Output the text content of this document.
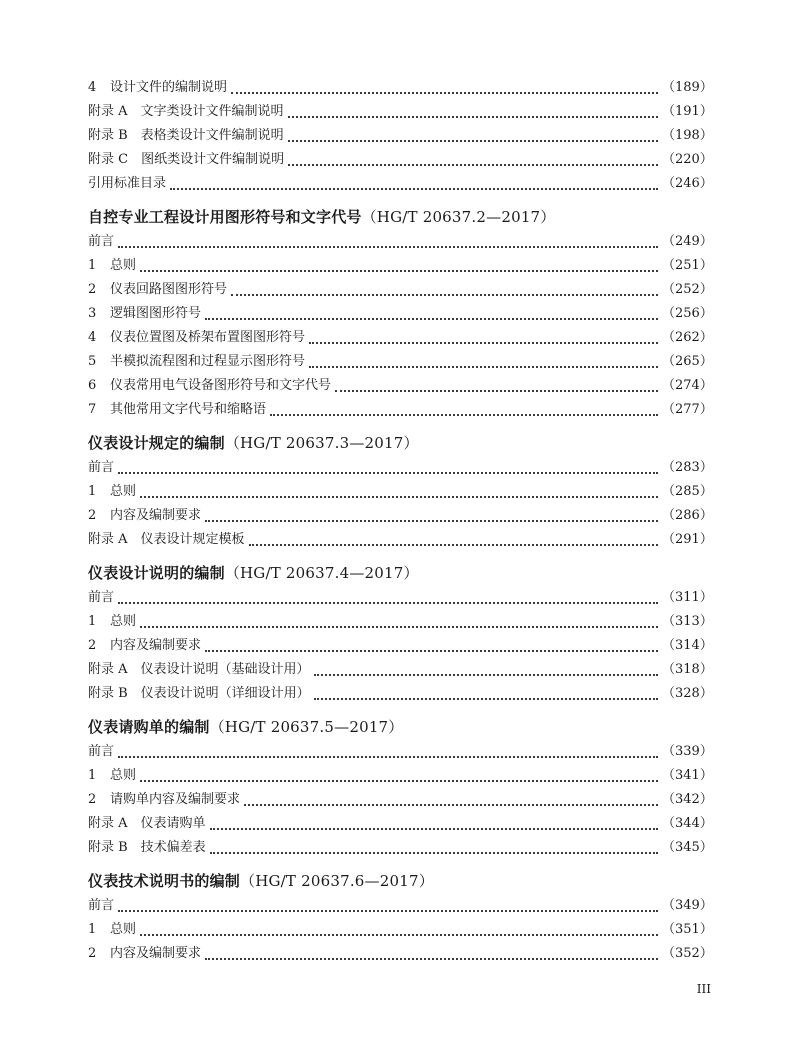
4 设计文件的编制说明	（189）
附录 A　文字类设计文件编制说明	（191）
附录 B　表格类设计文件编制说明	（198）
附录 C　图纸类设计文件编制说明	（220）
引用标准目录	（246）
自控专业工程设计用图形符号和文字代号（HG/T 20637.2—2017）
前言	（249）
1 总则	（251）
2 仪表回路图图形符号	（252）
3 逻辑图图形符号	（256）
4 仪表位置图及桥架布置图图形符号	（262）
5 半模拟流程图和过程显示图形符号	（265）
6 仪表常用电气设备图形符号和文字代号	（274）
7 其他常用文字代号和缩略语	（277）
仪表设计规定的编制（HG/T 20637.3—2017）
前言	（283）
1 总则	（285）
2 内容及编制要求	（286）
附录 A　仪表设计规定模板	（291）
仪表设计说明的编制（HG/T 20637.4—2017）
前言	（311）
1 总则	（313）
2 内容及编制要求	（314）
附录 A　仪表设计说明（基础设计用）	（318）
附录 B　仪表设计说明（详细设计用）	（328）
仪表请购单的编制（HG/T 20637.5—2017）
前言	（339）
1 总则	（341）
2 请购单内容及编制要求	（342）
附录 A　仪表请购单	（344）
附录 B　技术偏差表	（345）
仪表技术说明书的编制（HG/T 20637.6—2017）
前言	（349）
1 总则	（351）
2 内容及编制要求	（352）
III
